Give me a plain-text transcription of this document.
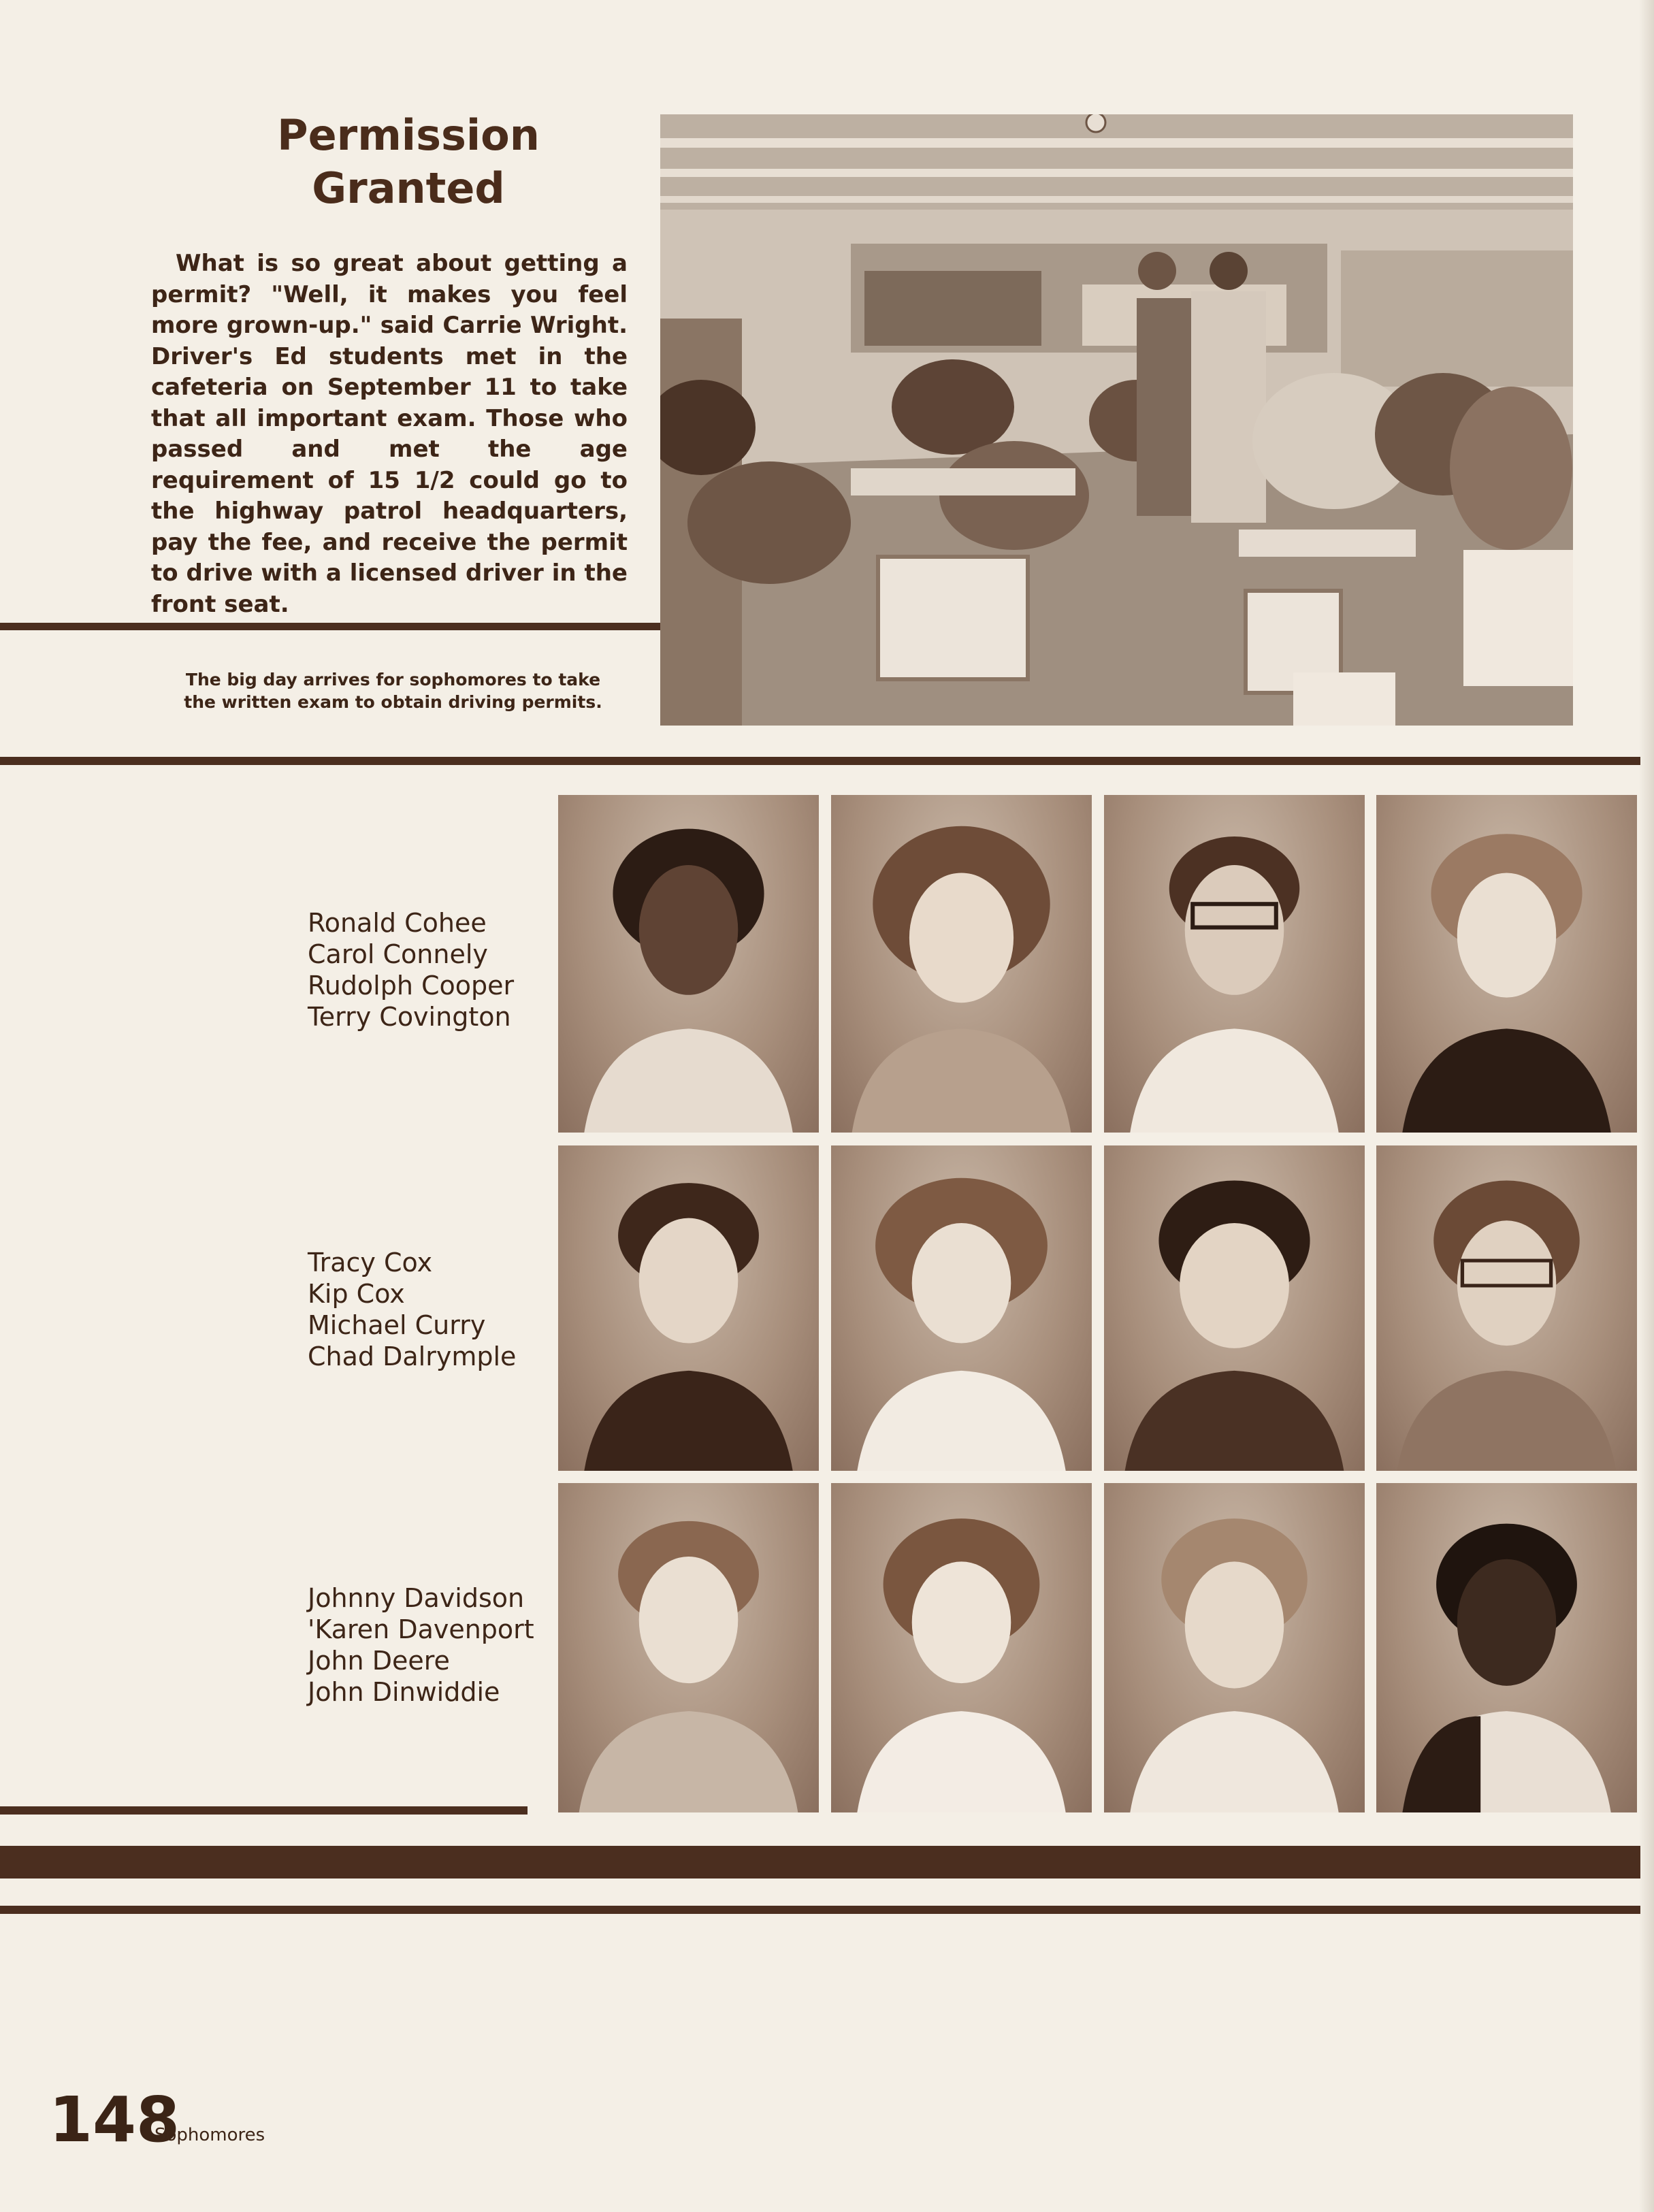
Permission
Granted
What is so great about getting a permit? "Well, it makes you feel more grown-up." said Carrie Wright. Driver's Ed students met in the cafeteria on September 11 to take that all important exam. Those who passed and met the age requirement of 15 1/2 could go to the highway patrol headquarters, pay the fee, and receive the permit to drive with a licensed driver in the front seat.
The big day arrives for sophomores to take
the written exam to obtain driving permits.
Ronald Cohee
Carol Connely
Rudolph Cooper
Terry Covington
Tracy Cox
Kip Cox
Michael Curry
Chad Dalrymple
Johnny Davidson
'Karen Davenport
John Deere
John Dinwiddie
148
Sophomores
